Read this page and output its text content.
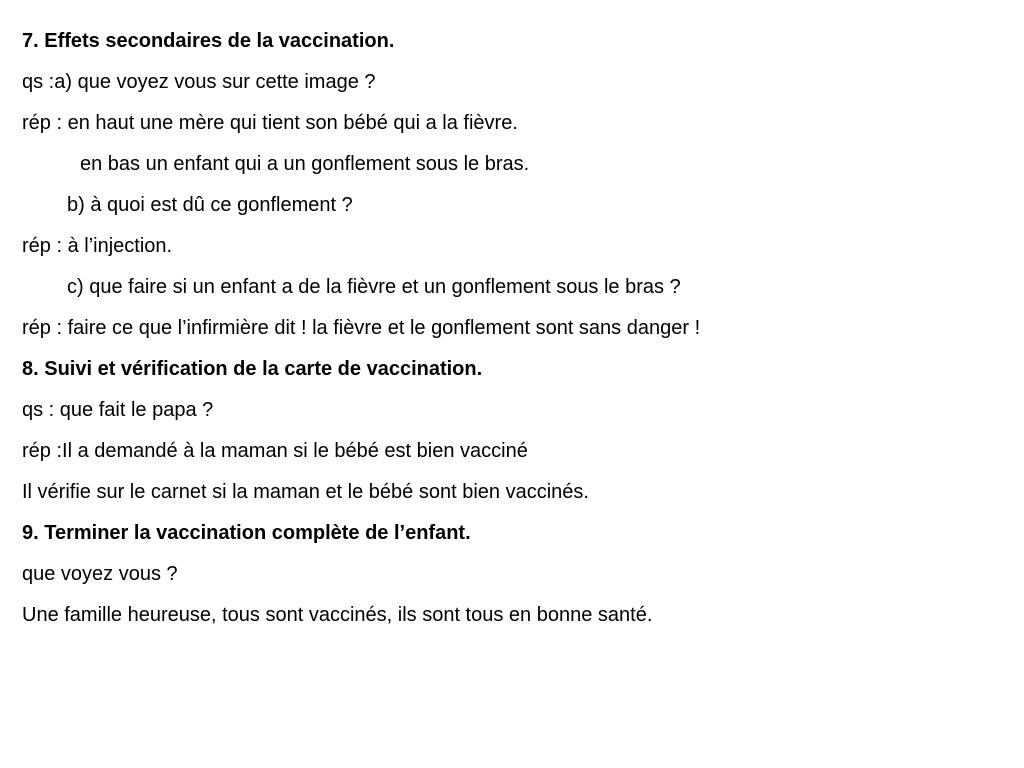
7. Effets secondaires de la vaccination.
qs :a) que voyez vous sur cette image ?
rép : en haut une mère qui tient son bébé qui a la fièvre.
en bas un enfant qui a un gonflement sous le bras.
b) à quoi est dû ce gonflement ?
rép : à l’injection.
c) que faire si un enfant a de la fièvre et un gonflement sous le bras ?
rép : faire ce que l’infirmière dit ! la fièvre et le gonflement sont sans danger !
8. Suivi et vérification de la carte de vaccination.
qs : que fait le papa ?
rép :Il a demandé à la maman si le bébé est bien vacciné
Il vérifie sur le carnet si la maman et le bébé sont bien vaccinés.
9. Terminer la vaccination complète de l’enfant.
que voyez vous ?
Une famille heureuse, tous sont vaccinés, ils sont tous en bonne santé.
